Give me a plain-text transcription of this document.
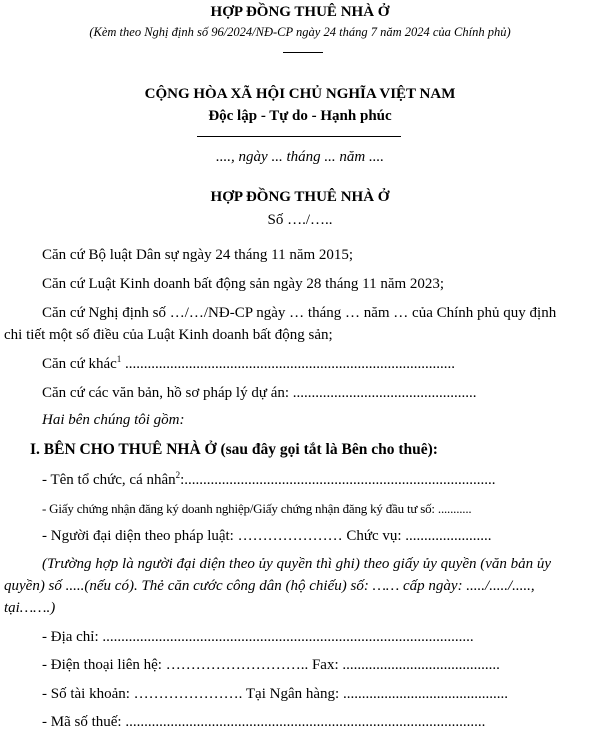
HỢP ĐỒNG THUÊ NHÀ Ở
(Kèm theo Nghị định số 96/2024/NĐ-CP ngày 24 tháng 7 năm 2024 của Chính phủ)
CỘNG HÒA XÃ HỘI CHỦ NGHĨA VIỆT NAM
Độc lập - Tự do - Hạnh phúc
...., ngày ... tháng ... năm ....
HỢP ĐỒNG THUÊ NHÀ Ở
Số …./…..
Căn cứ Bộ luật Dân sự ngày 24 tháng 11 năm 2015;
Căn cứ Luật Kinh doanh bất động sản ngày 28 tháng 11 năm 2023;
Căn cứ Nghị định số …/…/NĐ-CP ngày … tháng … năm … của Chính phủ quy định
chi tiết một số điều của Luật Kinh doanh bất động sản;
Căn cứ khác$^1$ ........................................................................................
Căn cứ các văn bản, hồ sơ pháp lý dự án: .................................................
Hai bên chúng tôi gồm:
I. BÊN CHO THUÊ NHÀ Ở (sau đây gọi tắt là Bên cho thuê):
- Tên tổ chức, cá nhân$^2$:...................................................................................
- Giấy chứng nhận đăng ký doanh nghiệp/Giấy chứng nhận đăng ký đầu tư số: ...........
- Người đại diện theo pháp luật: ………………… Chức vụ: .......................
(Trường hợp là người đại diện theo ủy quyền thì ghi) theo giấy ủy quyền (văn bản ủy
quyền) số .....(nếu có). Thẻ căn cước công dân (hộ chiếu) số: …… cấp ngày: ...../...../.....,
tại…….)
- Địa chỉ: ...................................................................................................
- Điện thoại liên hệ: ……………………….. Fax: ..........................................
- Số tài khoản: …………………. Tại Ngân hàng: ............................................
- Mã số thuế: ................................................................................................
